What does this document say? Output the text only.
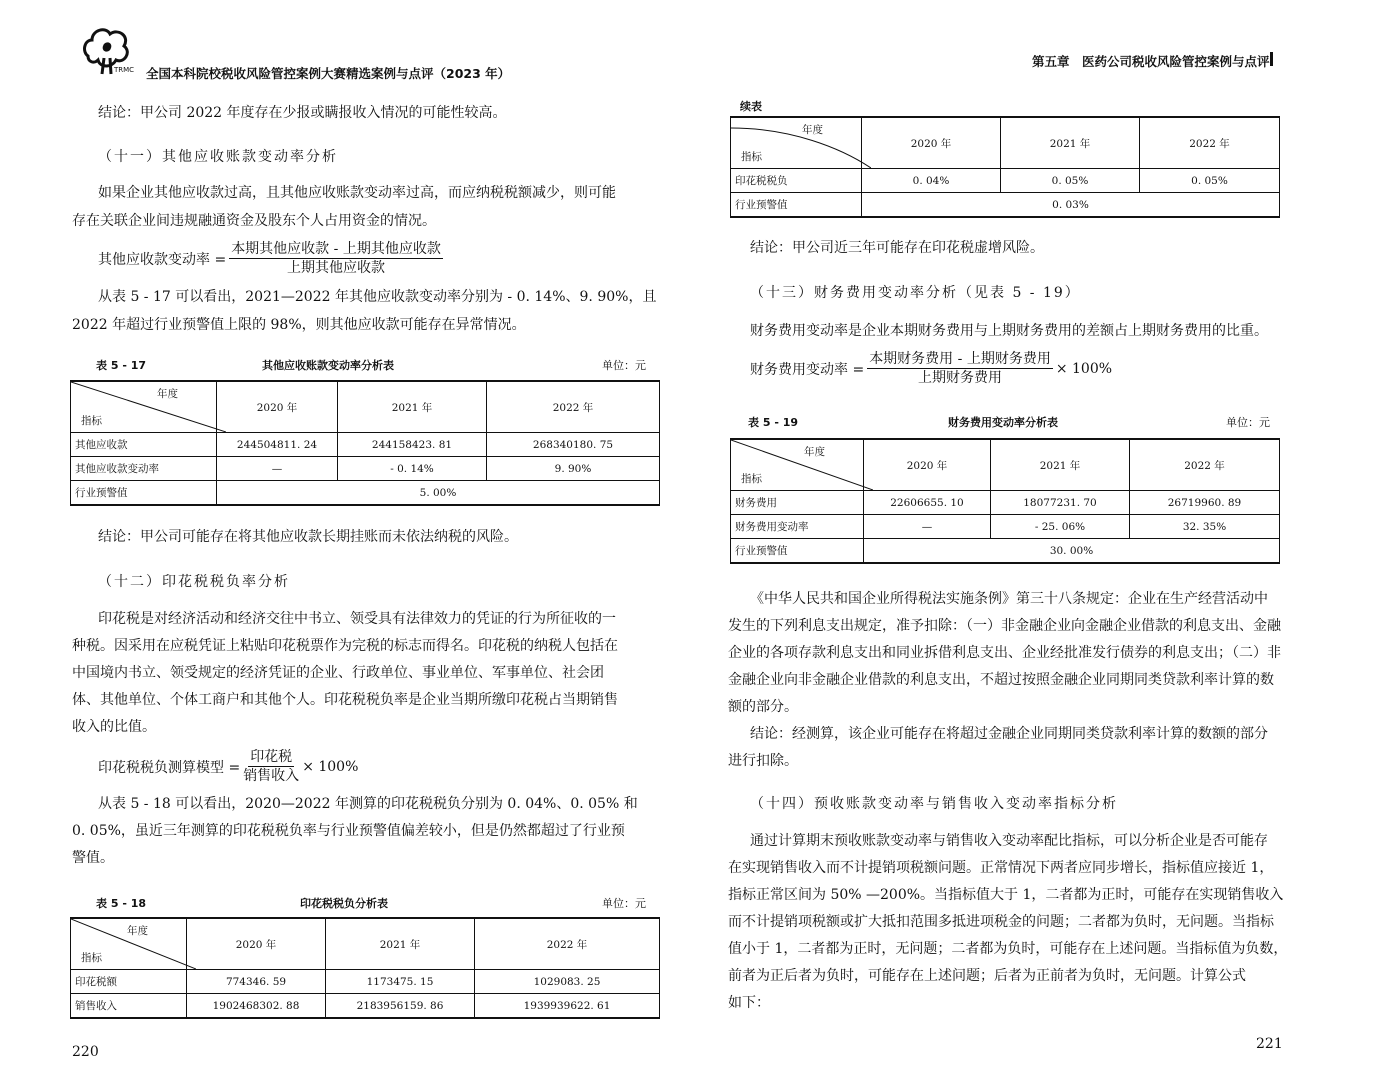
TRMC 全国本科院校税收风险管控案例大赛精选案例与点评（2023 年）
结论：甲公司 2022 年度存在少报或瞒报收入情况的可能性较高。
（十一）其他应收账款变动率分析
如果企业其他应收款过高，且其他应收账款变动率过高，而应纳税税额减少，则可能
存在关联企业间违规融通资金及股东个人占用资金的情况。
其他应收款变动率 = $\frac{\text{本期其他应收款 - 上期其他应收款}}{\text{上期其他应收款}}$
从表 5 - 17 可以看出，2021—2022 年其他应收款变动率分别为 - 0. 14%、9. 90%，且
2022 年超过行业预警值上限的 98%，则其他应收款可能存在异常情况。
表 5 - 17	其他应收账款变动率分析表	单位：元
年度
指标	2020 年	2021 年	2022 年
其他应收款	244504811. 24	244158423. 81	268340180. 75
其他应收款变动率	—	- 0. 14%	9. 90%
行业预警值	5. 00%		
结论：甲公司可能存在将其他应收款长期挂账而未依法纳税的风险。
（十二）印花税税负率分析
印花税是对经济活动和经济交往中书立、领受具有法律效力的凭证的行为所征收的一
种税。因采用在应税凭证上粘贴印花税票作为完税的标志而得名。印花税的纳税人包括在
中国境内书立、领受规定的经济凭证的企业、行政单位、事业单位、军事单位、社会团
体、其他单位、个体工商户和其他个人。印花税税负率是企业当期所缴印花税占当期销售
收入的比值。
印花税税负测算模型 = $\frac{\text{印花税}}{\text{销售收入}} \times 100\%$
从表 5 - 18 可以看出，2020—2022 年测算的印花税税负分别为 0. 04%、0. 05% 和
0. 05%，虽近三年测算的印花税税负率与行业预警值偏差较小，但是仍然都超过了行业预
警值。
表 5 - 18	印花税税负分析表	单位：元
年度
指标	2020 年	2021 年	2022 年
印花税额	774346. 59	1173475. 15	1029083. 25
销售收入	1902468302. 88	2183956159. 86	1939939622. 61
220
第五章　医药公司税收风险管控案例与点评
续表
年度
指标	2020 年	2021 年	2022 年
印花税税负	0. 04%	0. 05%	0. 05%
行业预警值	0. 03%		
结论：甲公司近三年可能存在印花税虚增风险。
（十三）财务费用变动率分析（见表 5 - 19）
财务费用变动率是企业本期财务费用与上期财务费用的差额占上期财务费用的比重。
财务费用变动率 = $\frac{\text{本期财务费用 - 上期财务费用}}{\text{上期财务费用}} \times 100\%$
表 5 - 19	财务费用变动率分析表	单位：元
年度
指标	2020 年	2021 年	2022 年
财务费用	22606655. 10	18077231. 70	26719960. 89
财务费用变动率	—	- 25. 06%	32. 35%
行业预警值	30. 00%		
《中华人民共和国企业所得税法实施条例》第三十八条规定：企业在生产经营活动中
发生的下列利息支出规定，准予扣除：（一）非金融企业向金融企业借款的利息支出、金融
企业的各项存款利息支出和同业拆借利息支出、企业经批准发行债券的利息支出；（二）非
金融企业向非金融企业借款的利息支出，不超过按照金融企业同期同类贷款利率计算的数
额的部分。
结论：经测算，该企业可能存在将超过金融企业同期同类贷款利率计算的数额的部分
进行扣除。
（十四）预收账款变动率与销售收入变动率指标分析
通过计算期末预收账款变动率与销售收入变动率配比指标，可以分析企业是否可能存
在实现销售收入而不计提销项税额问题。正常情况下两者应同步增长，指标值应接近 1，
指标正常区间为 50% —200%。当指标值大于 1，二者都为正时，可能存在实现销售收入
而不计提销项税额或扩大抵扣范围多抵进项税金的问题；二者都为负时，无问题。当指标
值小于 1，二者都为正时，无问题；二者都为负时，可能存在上述问题。当指标值为负数，
前者为正后者为负时，可能存在上述问题；后者为正前者为负时，无问题。计算公式
如下：
221
